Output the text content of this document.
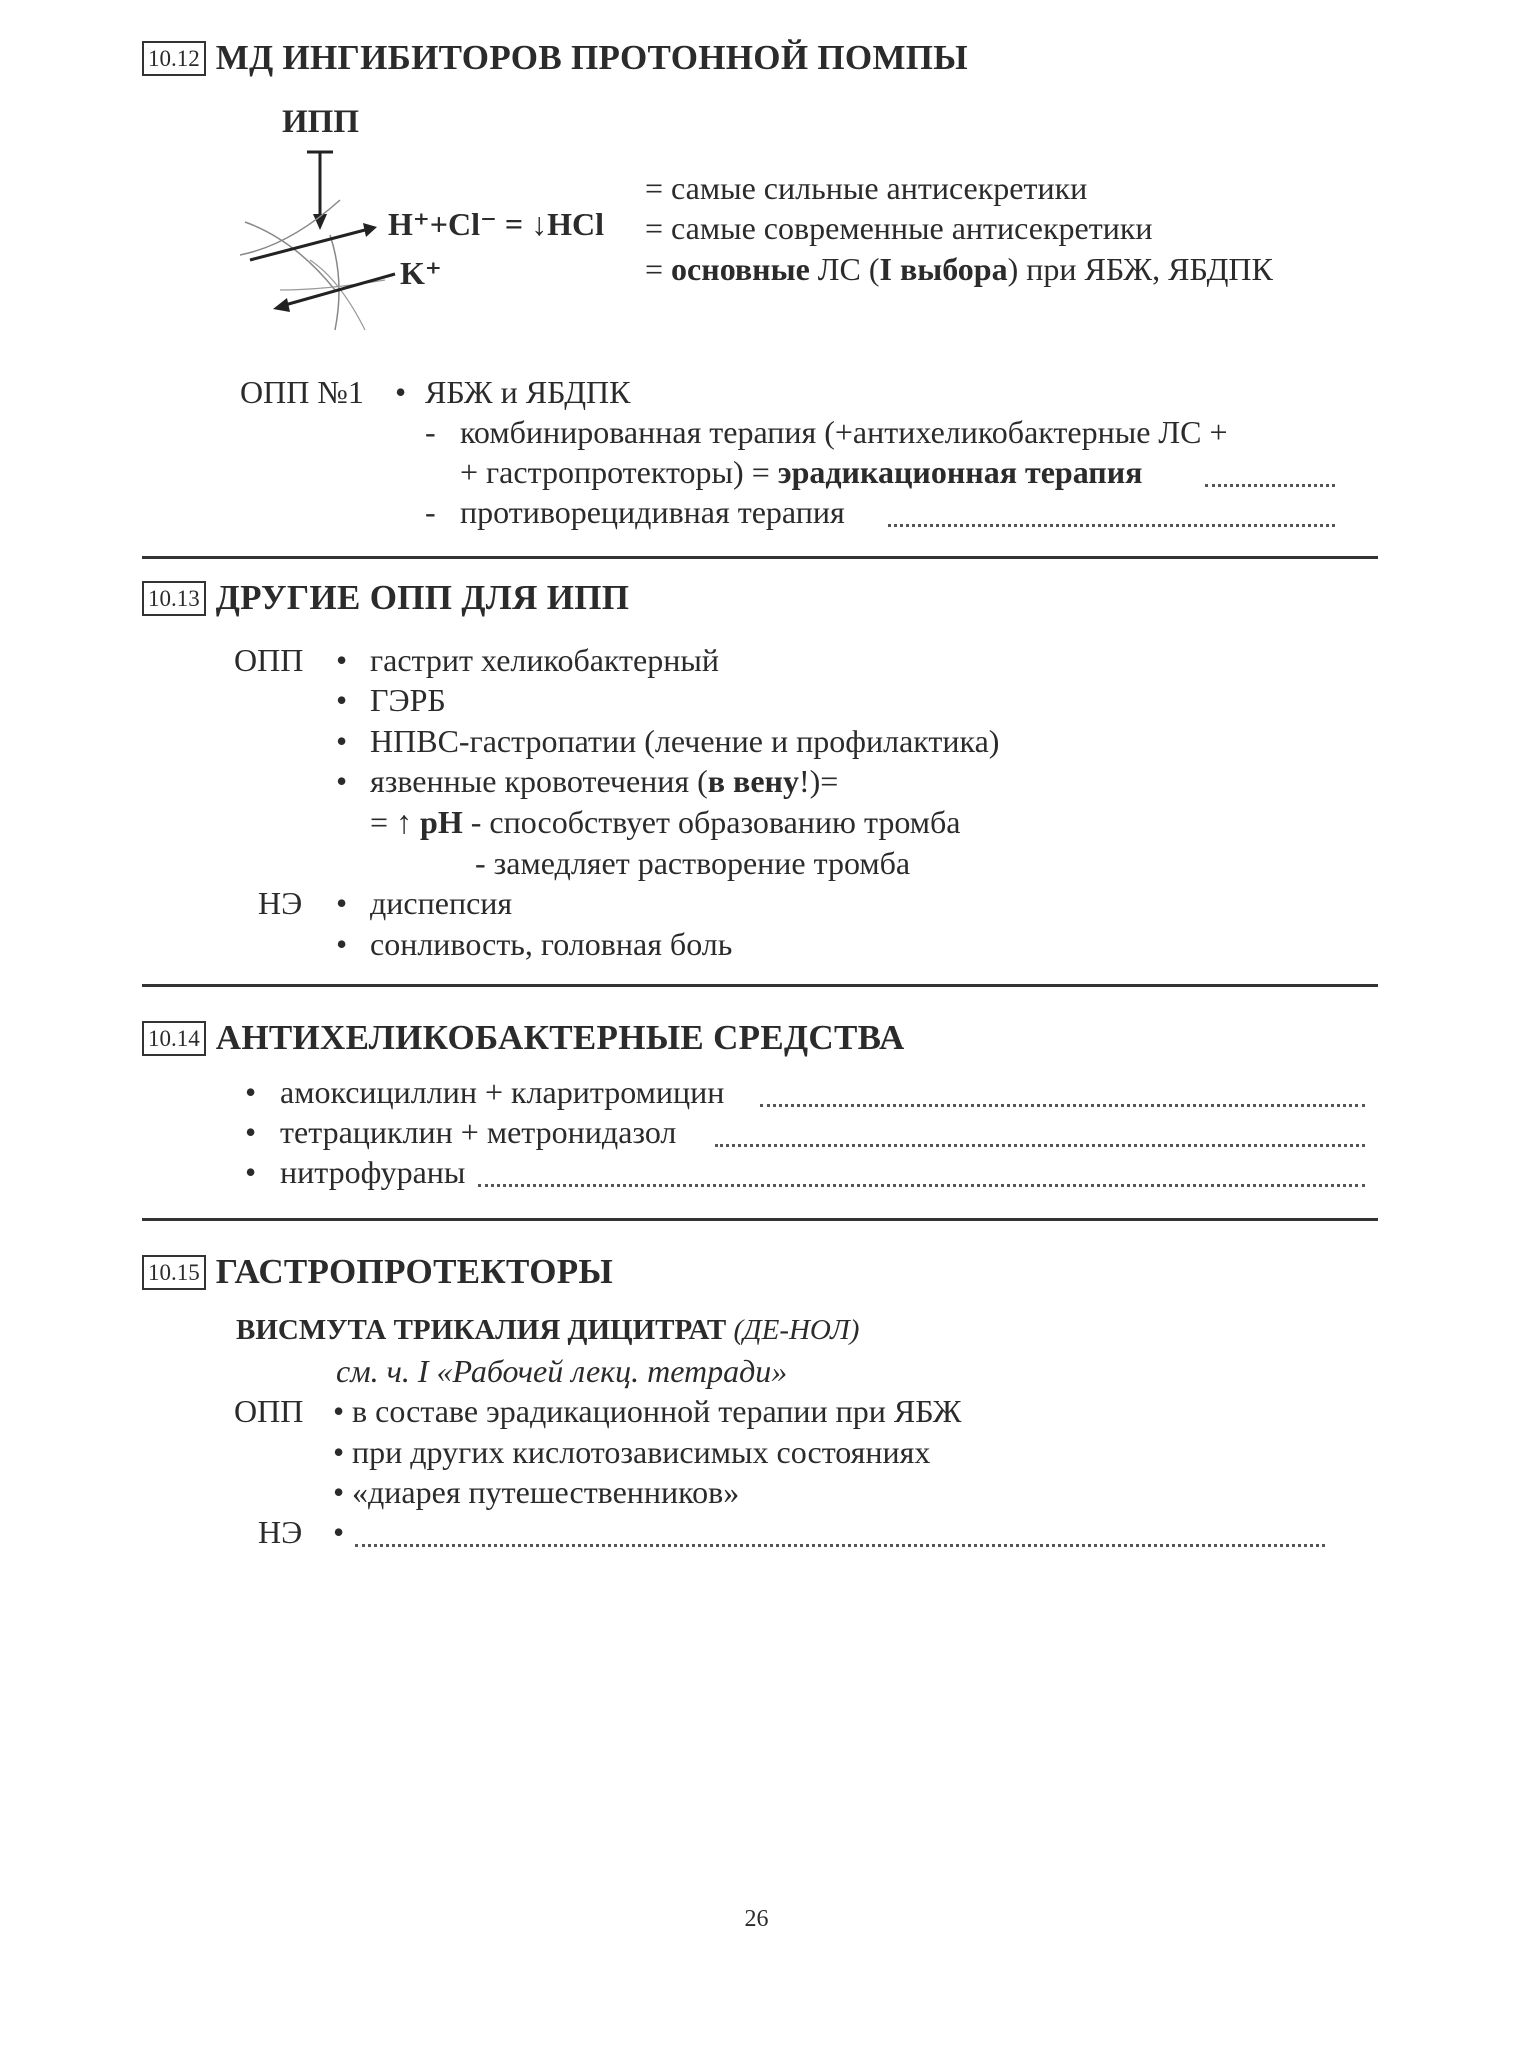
10.12 МД ИНГИБИТОРОВ ПРОТОННОЙ ПОМПЫ
ИПП
H⁺+Cl⁻ = ↓HCl
K⁺
= самые сильные антисекретики
= самые современные антисекретики
= основные ЛС (I выбора) при ЯБЖ, ЯБДПК
ОПП №1 • ЯБЖ и ЯБДПК
- комбинированная терапия (+антихеликобактерные ЛС +
+ гастропротекторы) = эрадикационная терапия
- противорецидивная терапия
10.13 ДРУГИЕ ОПП ДЛЯ ИПП
ОПП • гастрит хеликобактерный
• ГЭРБ
• НПВС-гастропатии (лечение и профилактика)
• язвенные кровотечения (в вену!)=
= ↑ pH - способствует образованию тромба
- замедляет растворение тромба
НЭ • диспепсия
• сонливость, головная боль
10.14 АНТИХЕЛИКОБАКТЕРНЫЕ СРЕДСТВА
• амоксициллин + кларитромицин
• тетрациклин + метронидазол
• нитрофураны
10.15 ГАСТРОПРОТЕКТОРЫ
ВИСМУТА ТРИКАЛИЯ ДИЦИТРАТ (ДЕ-НОЛ)
см. ч. I «Рабочей лекц. тетради»
ОПП • в составе эрадикационной терапии при ЯБЖ
• при других кислотозависимых состояниях
• «диарея путешественников»
НЭ •
26
